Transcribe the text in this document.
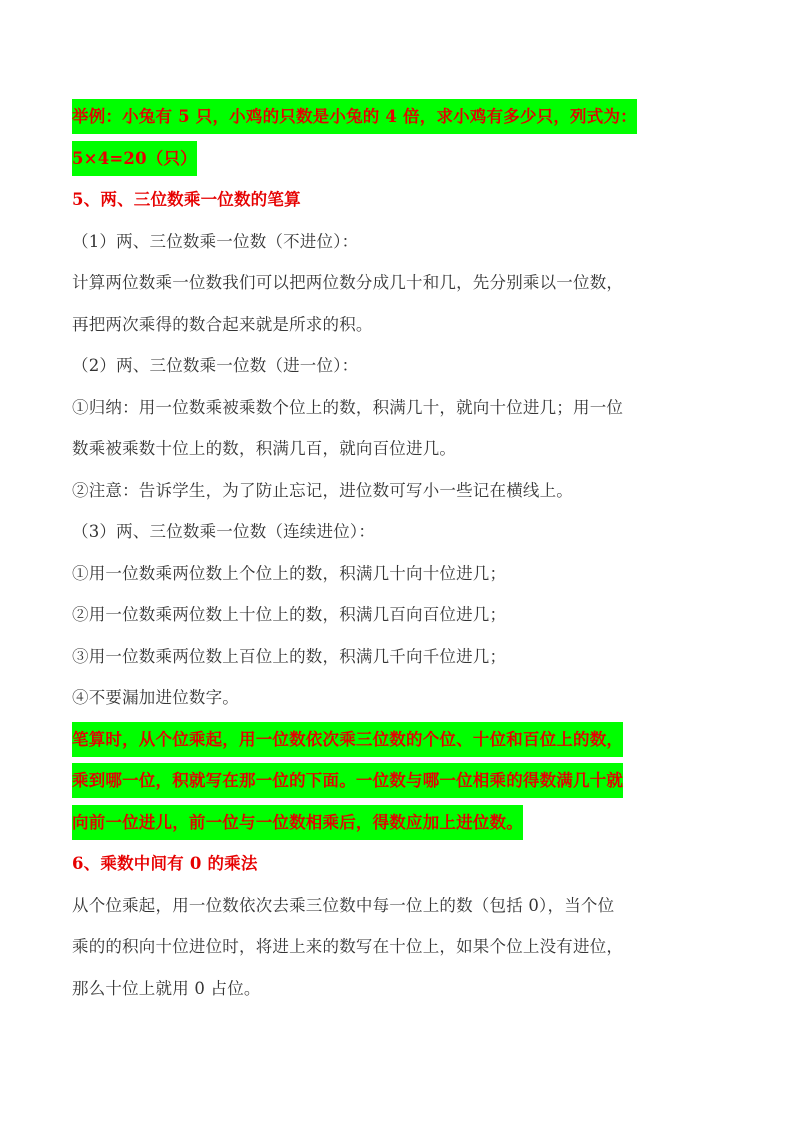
举例：小兔有 5 只，小鸡的只数是小兔的 4 倍，求小鸡有多少只，列式为：
5×4=20（只）
5、两、三位数乘一位数的笔算
（1）两、三位数乘一位数（不进位）：
计算两位数乘一位数我们可以把两位数分成几十和几，先分别乘以一位数，
再把两次乘得的数合起来就是所求的积。
（2）两、三位数乘一位数（进一位）：
①归纳：用一位数乘被乘数个位上的数，积满几十，就向十位进几；用一位
数乘被乘数十位上的数，积满几百，就向百位进几。
②注意：告诉学生，为了防止忘记，进位数可写小一些记在横线上。
（3）两、三位数乘一位数（连续进位）：
①用一位数乘两位数上个位上的数，积满几十向十位进几；
②用一位数乘两位数上十位上的数，积满几百向百位进几；
③用一位数乘两位数上百位上的数，积满几千向千位进几；
④不要漏加进位数字。
笔算时，从个位乘起，用一位数依次乘三位数的个位、十位和百位上的数，
乘到哪一位，积就写在那一位的下面。一位数与哪一位相乘的得数满几十就
向前一位进儿，前一位与一位数相乘后，得数应加上进位数。
6、乘数中间有 0 的乘法
从个位乘起，用一位数依次去乘三位数中每一位上的数（包括 0），当个位
乘的的积向十位进位时，将进上来的数写在十位上，如果个位上没有进位，
那么十位上就用 0 占位。
